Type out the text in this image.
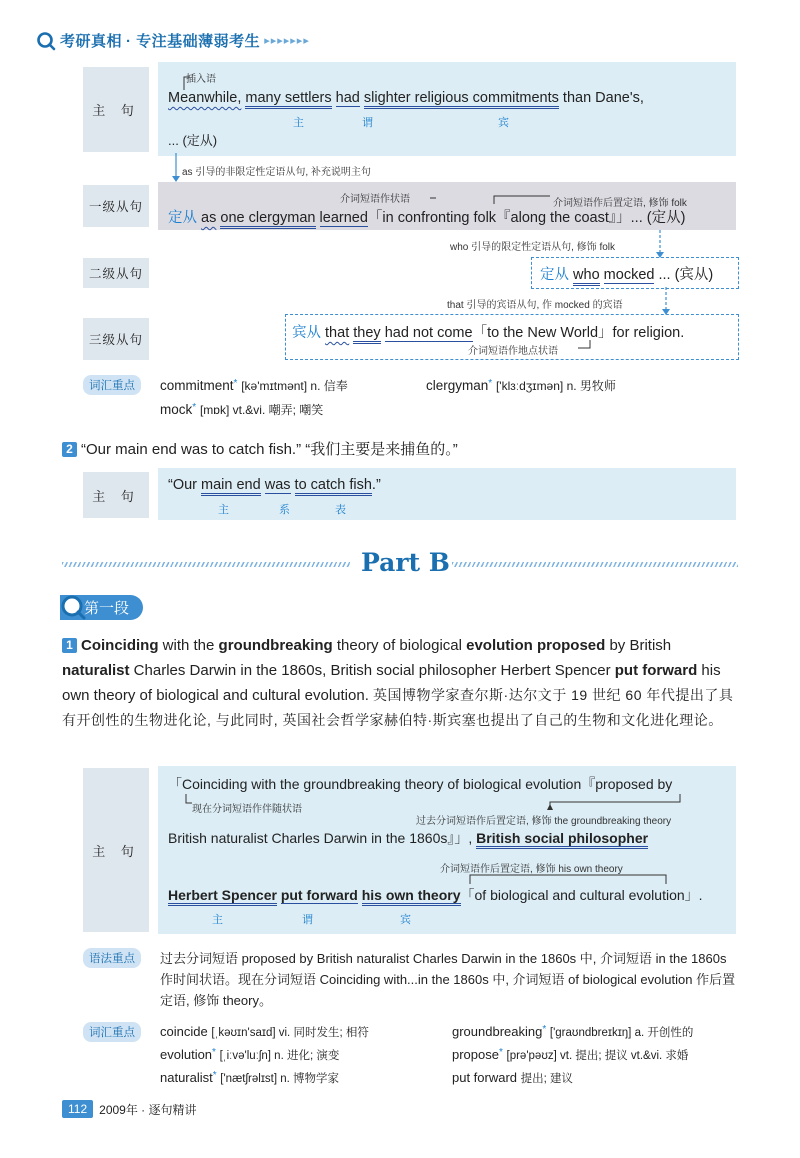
考研真相 · 专注基础薄弱考生 ▸▸▸▸▸▸▸
主 句
插入语
Meanwhile, many settlers had slighter religious commitments than Dane's,
主	谓	宾
... (定从)
as 引导的非限定性定语从句, 补充说明主句
一级从句
介词短语作状语	介词短语作后置定语, 修饰 folk
定从 as one clergyman learned「in confronting folk『along the coast』」... (定从)
who 引导的限定性定语从句, 修饰 folk
二级从句	定从 who mocked ... (宾从)
that 引导的宾语从句, 作 mocked 的宾语
三级从句	宾从 that they had not come「to the New World」for religion.
介词短语作地点状语
词汇重点	commitment* [kə'mɪtmənt] n. 信奉	clergyman* ['klɜːdʒɪmən] n. 男牧师
mock* [mɒk] vt.&vi. 嘲弄; 嘲笑
2 “Our main end was to catch fish.” “我们主要是来捕鱼的。”
主 句
“Our main end was to catch fish.”
主	系	表
Part B
第一段
1 Coinciding with the groundbreaking theory of biological evolution proposed by British naturalist Charles Darwin in the 1860s, British social philosopher Herbert Spencer put forward his own theory of biological and cultural evolution. 英国博物学家查尔斯·达尔文于 19 世纪 60 年代提出了具有开创性的生物进化论, 与此同时, 英国社会哲学家赫伯特·斯宾塞也提出了自己的生物和文化进化理论。
主 句
「Coinciding with the groundbreaking theory of biological evolution『proposed by
现在分词短语作伴随状语
过去分词短语作后置定语, 修饰 the groundbreaking theory
British naturalist Charles Darwin in the 1860s』」, British social philosopher
介词短语作后置定语, 修饰 his own theory
Herbert Spencer put forward his own theory「of biological and cultural evolution」.
主	谓	宾
语法重点	过去分词短语 proposed by British naturalist Charles Darwin in the 1860s 中, 介词短语 in the 1860s 作时间状语。现在分词短语 Coinciding with...in the 1860s 中, 介词短语 of biological evolution 作后置定语, 修饰 theory。
词汇重点	coincide [ˌkəʊɪn'saɪd] vi. 同时发生; 相符	groundbreaking* ['graʊndbreɪkɪŋ] a. 开创性的
evolution* [ˌiːvə'luːʃn] n. 进化; 演变	propose* [prə'pəʊz] vt. 提出; 提议 vt.&vi. 求婚
naturalist* ['nætʃrəlɪst] n. 博物学家	put forward 提出; 建议
112	2009年 · 逐句精讲
